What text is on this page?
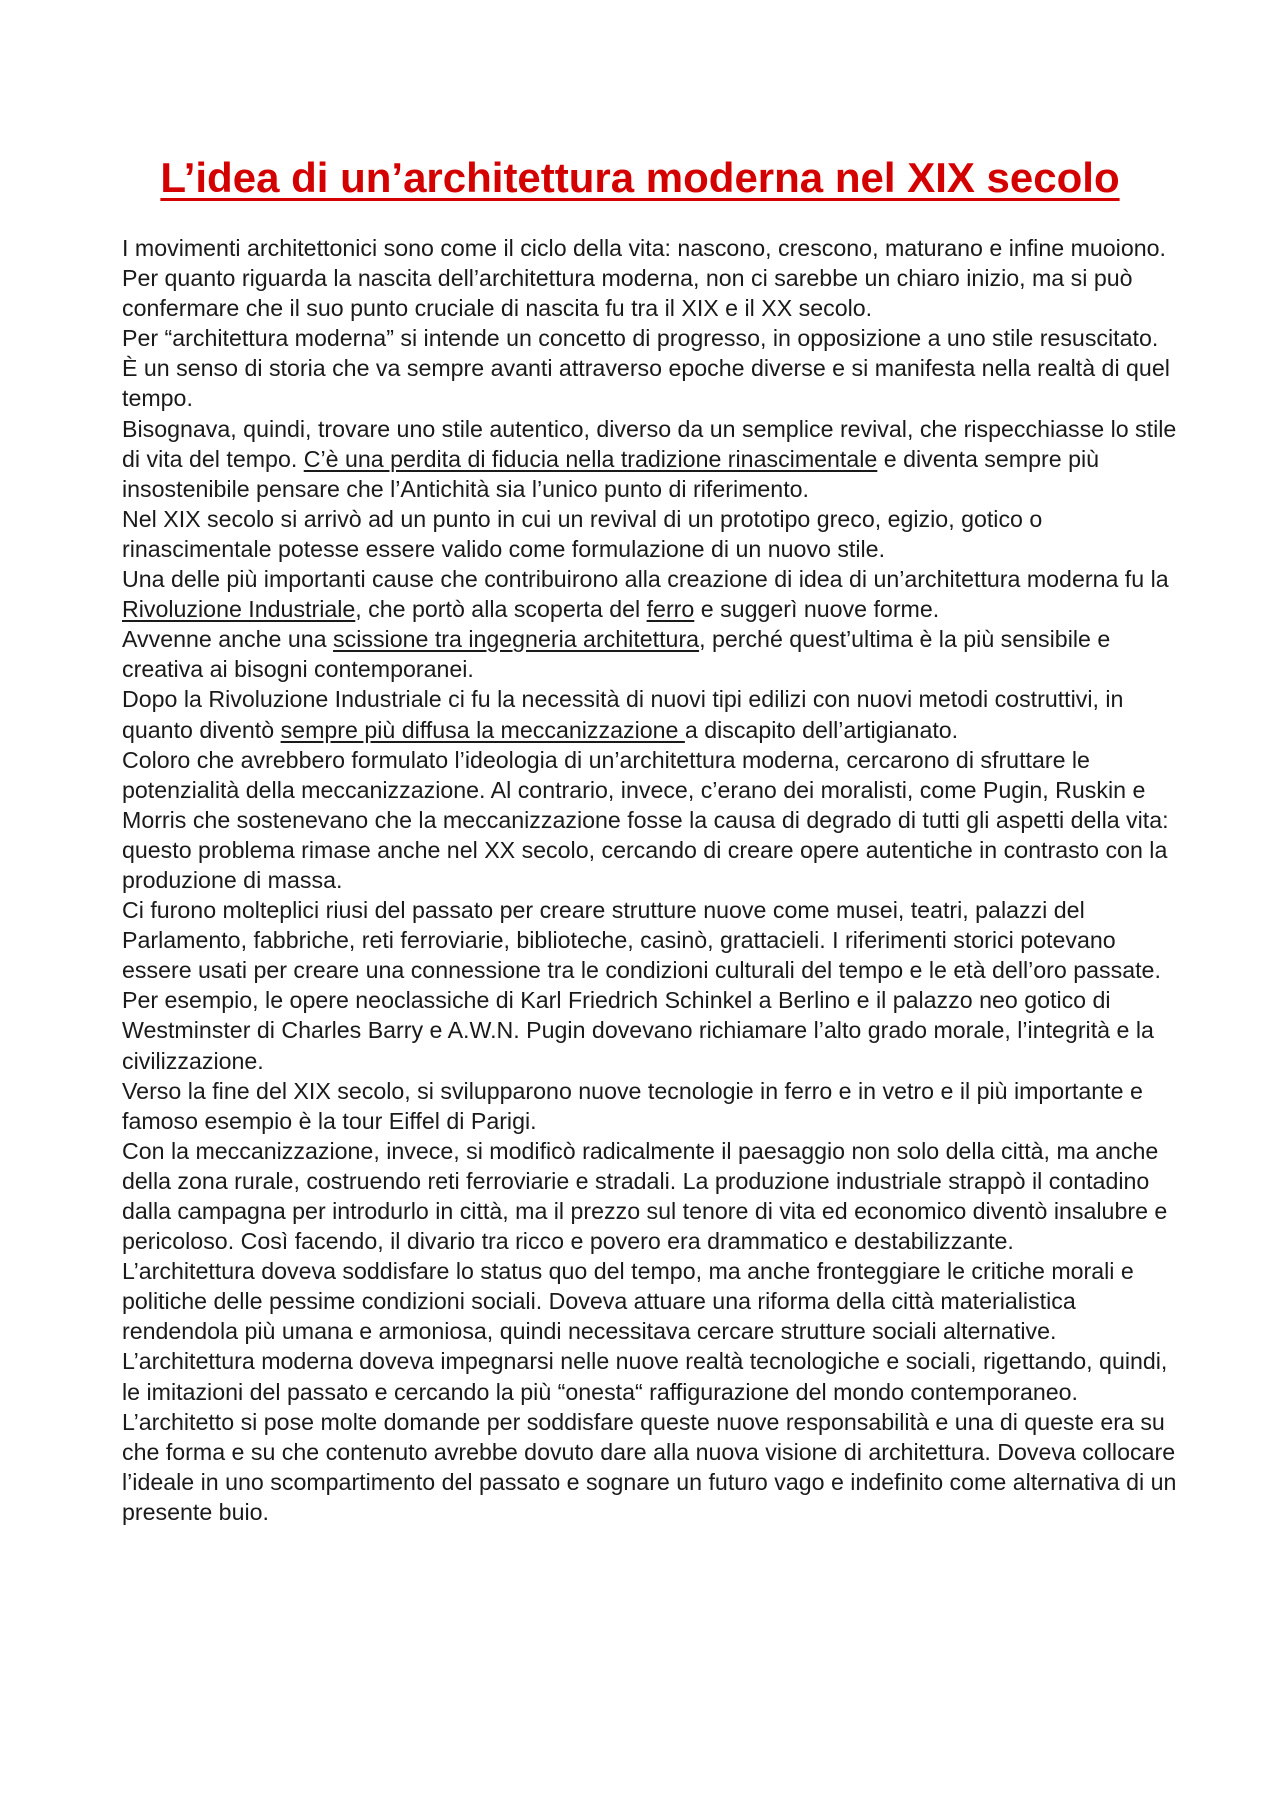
L’idea di un’architettura moderna nel XIX secolo

I movimenti architettonici sono come il ciclo della vita: nascono, crescono, maturano e infine muoiono.

Per quanto riguarda la nascita dell’architettura moderna, non ci sarebbe un chiaro inizio, ma si può confermare che il suo punto cruciale di nascita fu tra il XIX e il XX secolo.

Per “architettura moderna” si intende un concetto di progresso, in opposizione a uno stile resuscitato. È un senso di storia che va sempre avanti attraverso epoche diverse e si manifesta nella realtà di quel tempo.

Bisognava, quindi, trovare uno stile autentico, diverso da un semplice revival, che rispecchiasse lo stile di vita del tempo. C’è una perdita di fiducia nella tradizione rinascimentale e diventa sempre più insostenibile pensare che l’Antichità sia l’unico punto di riferimento.

Nel XIX secolo si arrivò ad un punto in cui un revival di un prototipo greco, egizio, gotico o rinascimentale potesse essere valido come formulazione di un nuovo stile.

Una delle più importanti cause che contribuirono alla creazione di idea di un’architettura moderna fu la Rivoluzione Industriale, che portò alla scoperta del ferro e suggerì nuove forme.

Avvenne anche una scissione tra ingegneria architettura, perché quest’ultima è la più sensibile e creativa ai bisogni contemporanei.

Dopo la Rivoluzione Industriale ci fu la necessità di nuovi tipi edilizi con nuovi metodi costruttivi, in quanto diventò sempre più diffusa la meccanizzazione a discapito dell’artigianato.

Coloro che avrebbero formulato l’ideologia di un’architettura moderna, cercarono di sfruttare le potenzialità della meccanizzazione. Al contrario, invece, c’erano dei moralisti, come Pugin, Ruskin e Morris che sostenevano che la meccanizzazione fosse la causa di degrado di tutti gli aspetti della vita: questo problema rimase anche nel XX secolo, cercando di creare opere autentiche in contrasto con la produzione di massa.

Ci furono molteplici riusi del passato per creare strutture nuove come musei, teatri, palazzi del Parlamento, fabbriche, reti ferroviarie, biblioteche, casinò, grattacieli. I riferimenti storici potevano essere usati per creare una connessione tra le condizioni culturali del tempo e le età dell’oro passate. Per esempio, le opere neoclassiche di Karl Friedrich Schinkel a Berlino e il palazzo neo gotico di Westminster di Charles Barry e A.W.N. Pugin dovevano richiamare l’alto grado morale, l’integrità e la civilizzazione.

Verso la fine del XIX secolo, si svilupparono nuove tecnologie in ferro e in vetro e il più importante e famoso esempio è la tour Eiffel di Parigi.

Con la meccanizzazione, invece, si modificò radicalmente il paesaggio non solo della città, ma anche della zona rurale, costruendo reti ferroviarie e stradali. La produzione industriale strappò il contadino dalla campagna per introdurlo in città, ma il prezzo sul tenore di vita ed economico diventò insalubre e pericoloso. Così facendo, il divario tra ricco e povero era drammatico e destabilizzante.

L’architettura doveva soddisfare lo status quo del tempo, ma anche fronteggiare le critiche morali e politiche delle pessime condizioni sociali. Doveva attuare una riforma della città materialistica rendendola più umana e armoniosa, quindi necessitava cercare strutture sociali alternative. L’architettura moderna doveva impegnarsi nelle nuove realtà tecnologiche e sociali, rigettando, quindi, le imitazioni del passato e cercando la più “onesta“ raffigurazione del mondo contemporaneo.

L’architetto si pose molte domande per soddisfare queste nuove responsabilità e una di queste era su che forma e su che contenuto avrebbe dovuto dare alla nuova visione di architettura. Doveva collocare l’ideale in uno scompartimento del passato e sognare un futuro vago e indefinito come alternativa di un presente buio.
